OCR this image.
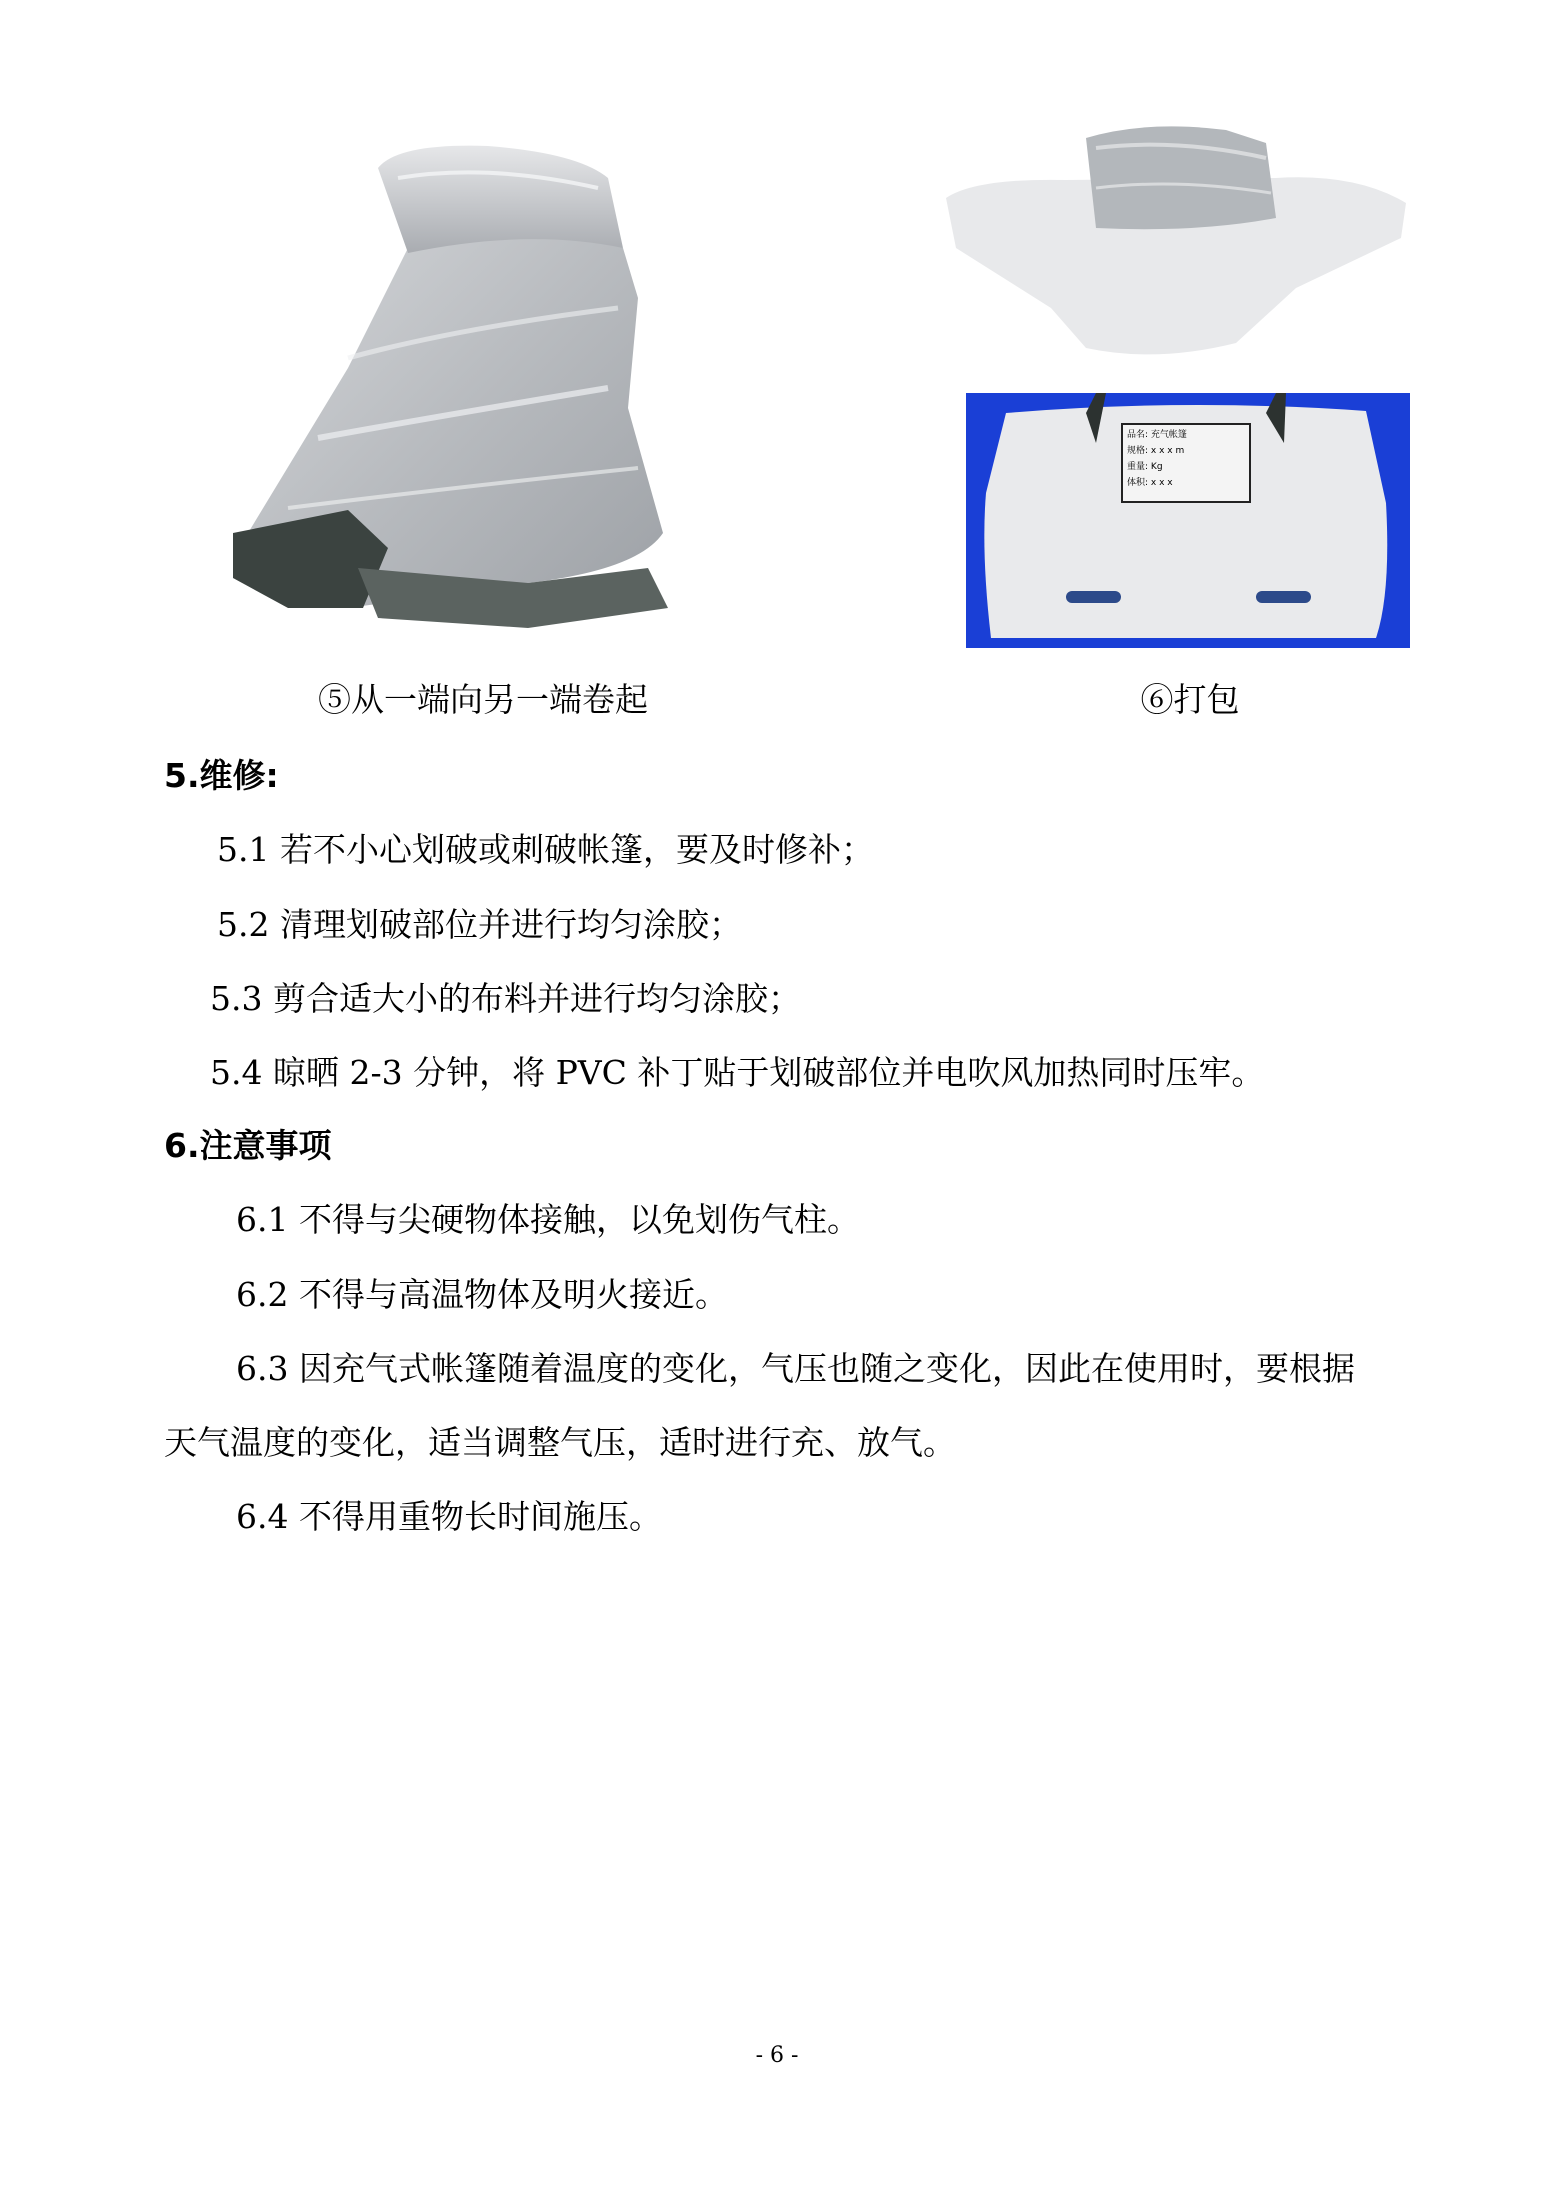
⑤从一端向另一端卷起
品名: 充气帐篷
规格: x x x m
重量: Kg
体积: x x x
⑥打包
5.维修:
5.1 若不小心划破或刺破帐篷，要及时修补；
5.2 清理划破部位并进行均匀涂胶；
5.3 剪合适大小的布料并进行均匀涂胶；
5.4 晾晒 2-3 分钟，将 PVC 补丁贴于划破部位并电吹风加热同时压牢。
6.注意事项
6.1 不得与尖硬物体接触，以免划伤气柱。
6.2 不得与高温物体及明火接近。
6.3 因充气式帐篷随着温度的变化，气压也随之变化，因此在使用时，要根据
天气温度的变化，适当调整气压，适时进行充、放气。
6.4 不得用重物长时间施压。
- 6 -
